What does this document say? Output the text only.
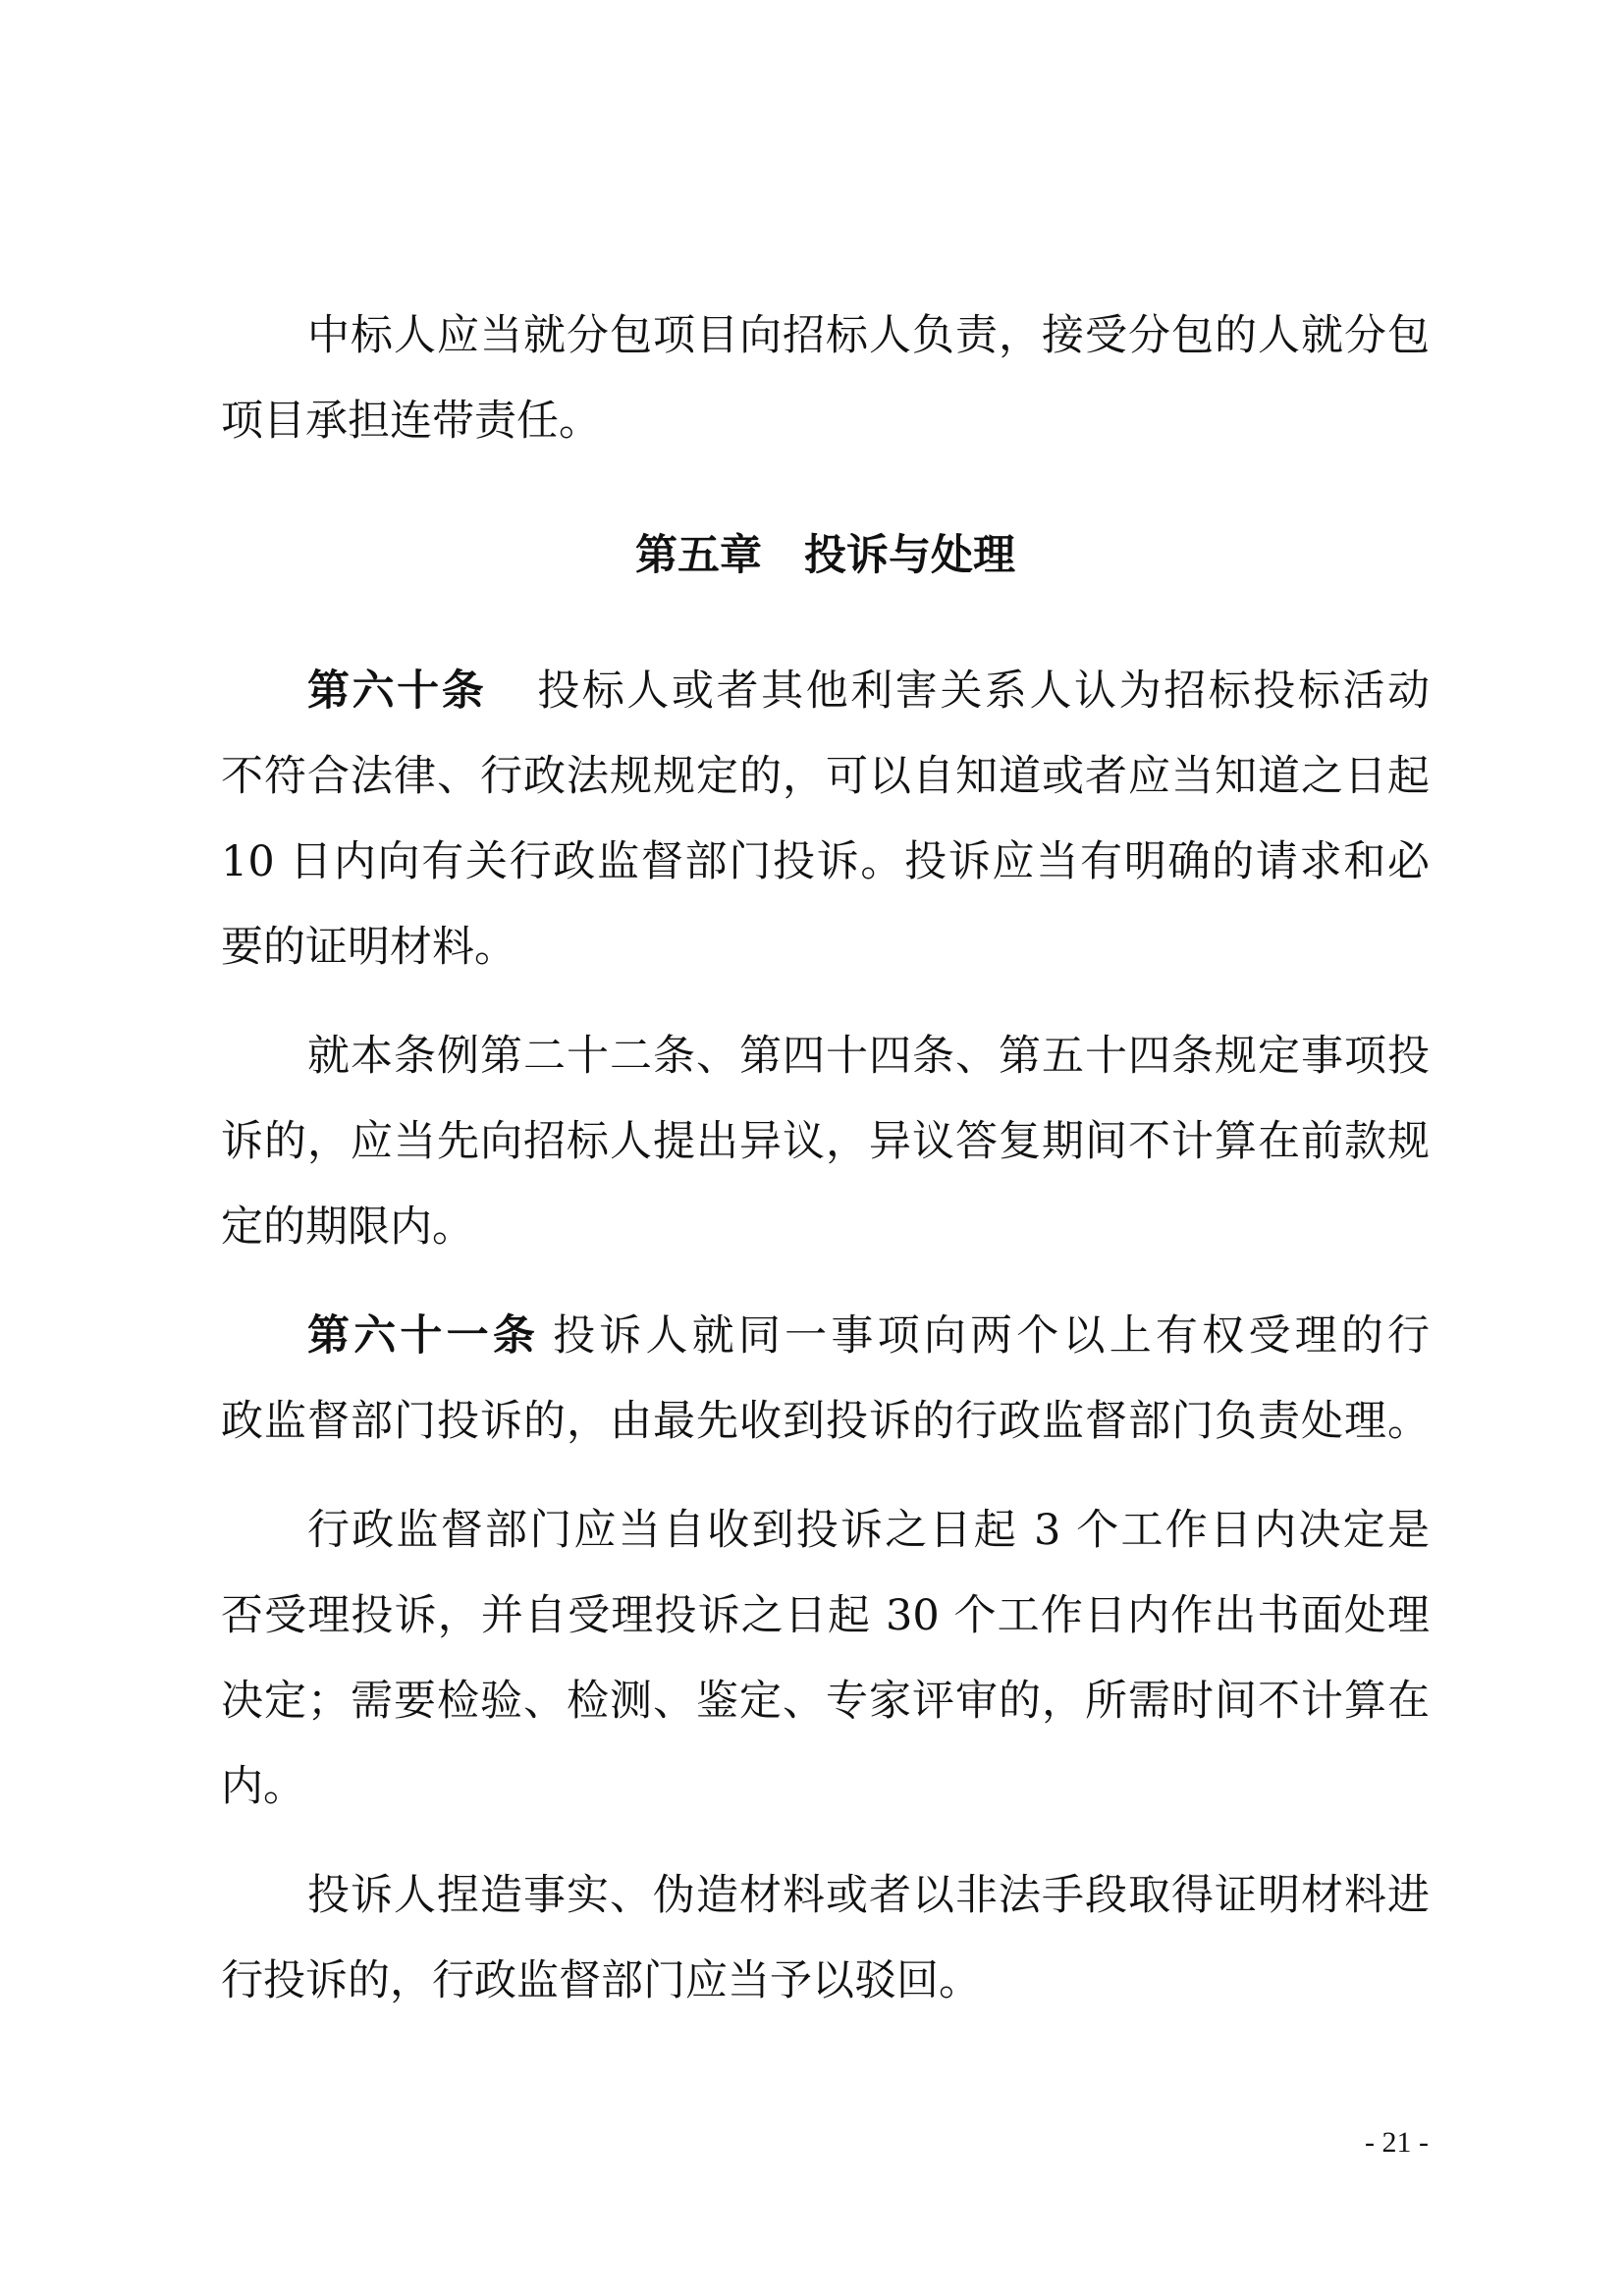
中标人应当就分包项目向招标人负责，接受分包的人就分包
项目承担连带责任。
第五章　投诉与处理
第六十条 投标人或者其他利害关系人认为招标投标活动
不符合法律、行政法规规定的，可以自知道或者应当知道之日起
10 日内向有关行政监督部门投诉。投诉应当有明确的请求和必
要的证明材料。
就本条例第二十二条、第四十四条、第五十四条规定事项投
诉的，应当先向招标人提出异议，异议答复期间不计算在前款规
定的期限内。
第六十一条 投诉人就同一事项向两个以上有权受理的行
政监督部门投诉的，由最先收到投诉的行政监督部门负责处理。
行政监督部门应当自收到投诉之日起 3 个工作日内决定是
否受理投诉，并自受理投诉之日起 30 个工作日内作出书面处理
决定；需要检验、检测、鉴定、专家评审的，所需时间不计算在
内。
投诉人捏造事实、伪造材料或者以非法手段取得证明材料进
行投诉的，行政监督部门应当予以驳回。
- 21 -
